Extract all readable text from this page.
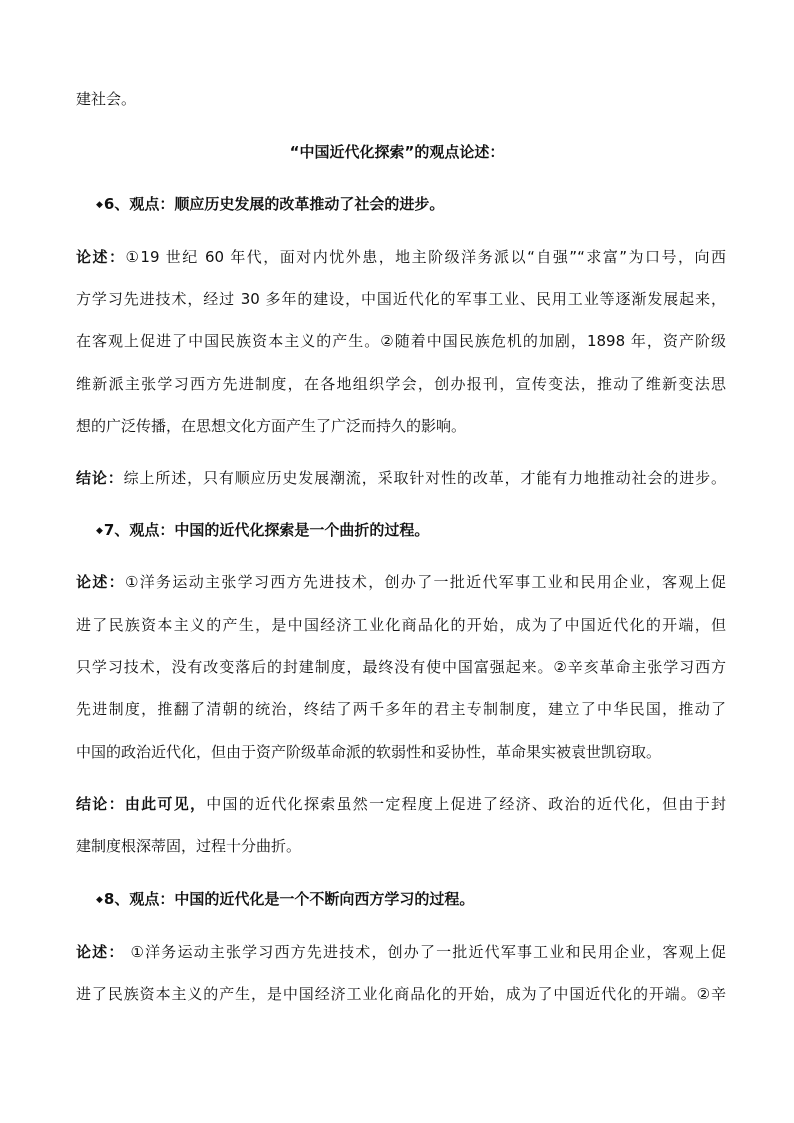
建社会。
“中国近代化探索”的观点论述：
◆6、观点：顺应历史发展的改革推动了社会的进步。
论述：①19 世纪 60 年代，面对内忧外患，地主阶级洋务派以“自强”“求富”为口号，向西
方学习先进技术，经过 30 多年的建设，中国近代化的军事工业、民用工业等逐渐发展起来，
在客观上促进了中国民族资本主义的产生。②随着中国民族危机的加剧，1898 年，资产阶级
维新派主张学习西方先进制度，在各地组织学会，创办报刊，宣传变法，推动了维新变法思
想的广泛传播，在思想文化方面产生了广泛而持久的影响。
结论：综上所述，只有顺应历史发展潮流，采取针对性的改革，才能有力地推动社会的进步。
◆7、观点：中国的近代化探索是一个曲折的过程。
论述：①洋务运动主张学习西方先进技术，创办了一批近代军事工业和民用企业，客观上促
进了民族资本主义的产生，是中国经济工业化商品化的开始，成为了中国近代化的开端，但
只学习技术，没有改变落后的封建制度，最终没有使中国富强起来。②辛亥革命主张学习西方
先进制度，推翻了清朝的统治，终结了两千多年的君主专制制度，建立了中华民国，推动了
中国的政治近代化，但由于资产阶级革命派的软弱性和妥协性，革命果实被袁世凯窃取。
结论：由此可见，中国的近代化探索虽然一定程度上促进了经济、政治的近代化，但由于封
建制度根深蒂固，过程十分曲折。
◆8、观点：中国的近代化是一个不断向西方学习的过程。
论述： ①洋务运动主张学习西方先进技术，创办了一批近代军事工业和民用企业，客观上促
进了民族资本主义的产生，是中国经济工业化商品化的开始，成为了中国近代化的开端。②辛
